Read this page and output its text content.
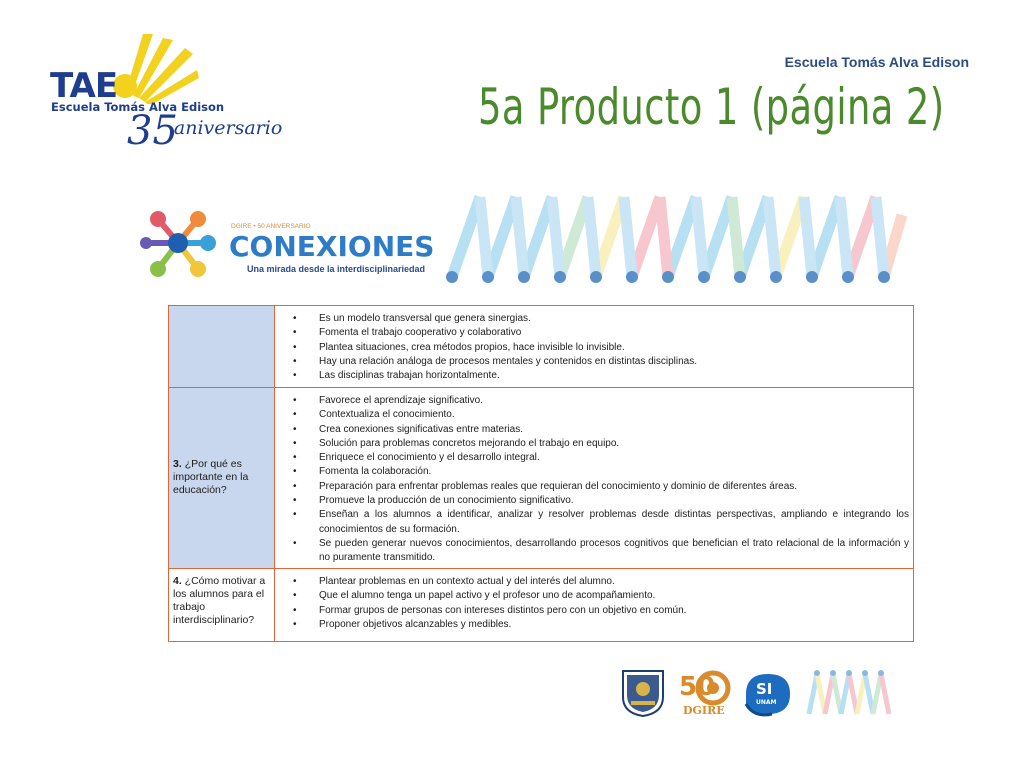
Escuela Tomás Alva Edison
5a Producto 1 (página 2)
TAE
Escuela Tomás Alva Edison
35aniversario
DGIRE • 50 ANIVERSARIO
CONEXIONES
Una mirada desde la interdisciplinariedad
• Es un modelo transversal que genera sinergias.
• Fomenta el trabajo cooperativo y colaborativo
• Plantea situaciones, crea métodos propios, hace invisible lo invisible.
• Hay una relación análoga de procesos mentales y contenidos en distintas disciplinas.
• Las disciplinas trabajan horizontalmente.
3. ¿Por qué es importante en la educación?
• Favorece el aprendizaje significativo.
• Contextualiza el conocimiento.
• Crea conexiones significativas entre materias.
• Solución para problemas concretos mejorando el trabajo en equipo.
• Enriquece el conocimiento y el desarrollo integral.
• Fomenta la colaboración.
• Preparación para enfrentar problemas reales que requieran del conocimiento y dominio de diferentes áreas.
• Promueve la producción de un conocimiento significativo.
• Enseñan a los alumnos a identificar, analizar y resolver problemas desde distintas perspectivas, ampliando e integrando los conocimientos de su formación.
• Se pueden generar nuevos conocimientos, desarrollando procesos cognitivos que benefician el trato relacional de la información y no puramente transmitido.
4. ¿Cómo motivar a los alumnos para el trabajo interdisciplinario?
• Plantear problemas en un contexto actual y del interés del alumno.
• Que el alumno tenga un papel activo y el profesor uno de acompañamiento.
• Formar grupos de personas con intereses distintos pero con un objetivo en común.
• Proponer objetivos alcanzables y medibles.
50
DGIRE
SI
UNAM
